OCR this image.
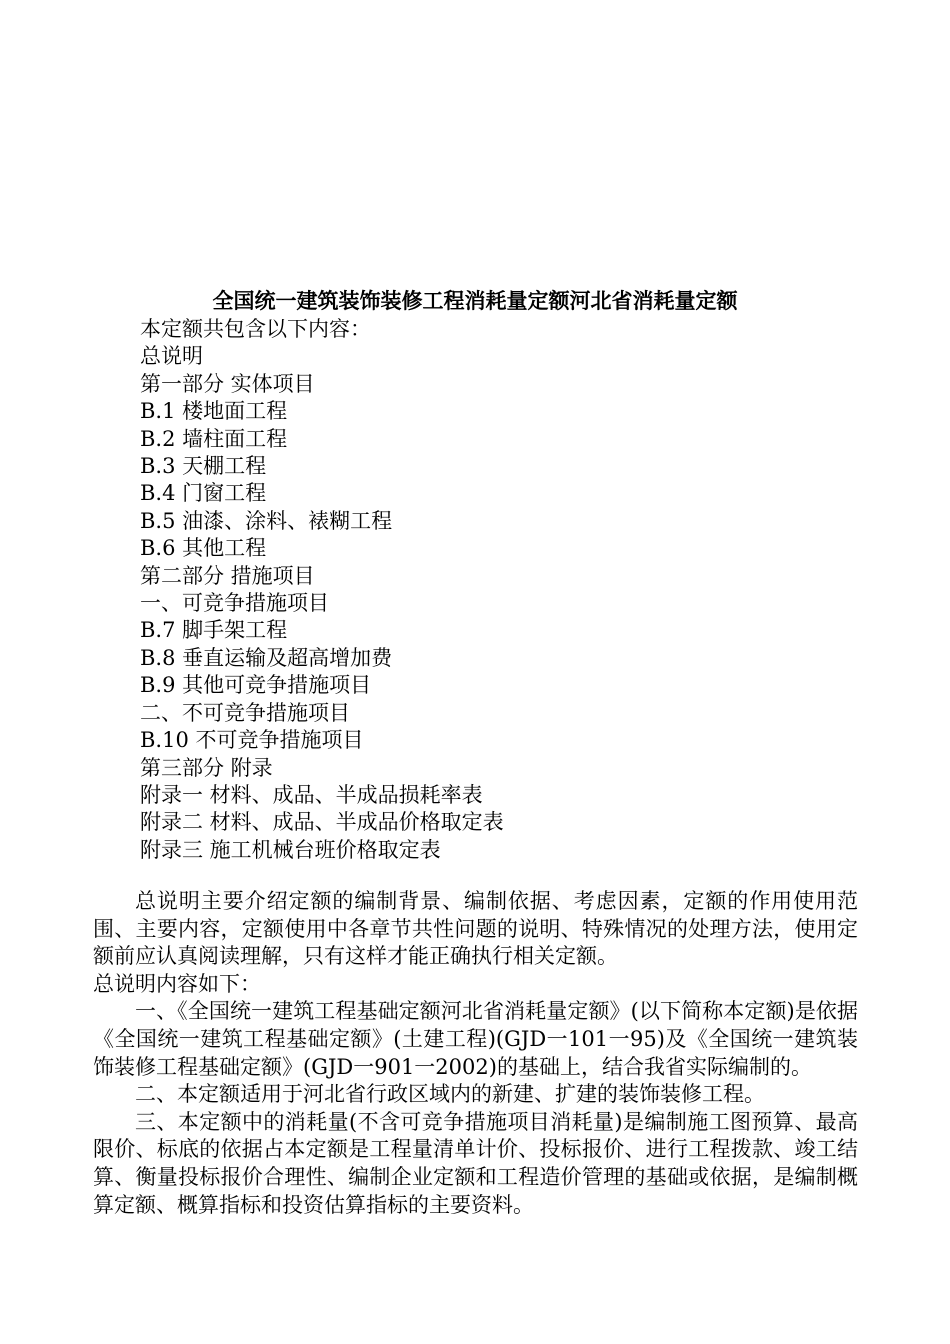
全国统一建筑装饰装修工程消耗量定额河北省消耗量定额
本定额共包含以下内容：
总说明
第一部分 实体项目
B.1 楼地面工程
B.2 墙柱面工程
B.3 天棚工程
B.4 门窗工程
B.5 油漆、涂料、裱糊工程
B.6 其他工程
第二部分 措施项目
一、可竞争措施项目
B.7 脚手架工程
B.8 垂直运输及超高增加费
B.9 其他可竞争措施项目
二、不可竞争措施项目
B.10 不可竞争措施项目
第三部分 附录
附录一 材料、成品、半成品损耗率表
附录二 材料、成品、半成品价格取定表
附录三 施工机械台班价格取定表

总说明主要介绍定额的编制背景、编制依据、考虑因素，定额的作用使用范围、主要内容，定额使用中各章节共性问题的说明、特殊情况的处理方法，使用定额前应认真阅读理解，只有这样才能正确执行相关定额。

总说明内容如下：

一、《全国统一建筑工程基础定额河北省消耗量定额》(以下简称本定额)是依据《全国统一建筑工程基础定额》(土建工程)(GJD一101一95)及《全国统一建筑装饰装修工程基础定额》(GJD一901一2002)的基础上，结合我省实际编制的。

二、本定额适用于河北省行政区域内的新建、扩建的装饰装修工程。

三、本定额中的消耗量(不含可竞争措施项目消耗量)是编制施工图预算、最高限价、标底的依据占本定额是工程量清单计价、投标报价、进行工程拨款、竣工结算、衡量投标报价合理性、编制企业定额和工程造价管理的基础或依据，是编制概算定额、概算指标和投资估算指标的主要资料。
